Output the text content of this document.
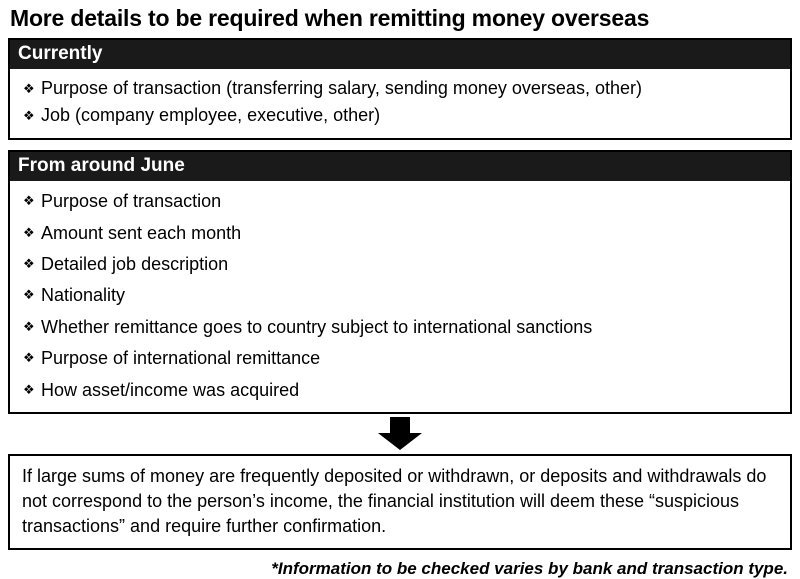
More details to be required when remitting money overseas
Currently
❖ Purpose of transaction (transferring salary, sending money overseas, other)
❖ Job (company employee, executive, other)
From around June
❖ Purpose of transaction
❖ Amount sent each month
❖ Detailed job description
❖ Nationality
❖ Whether remittance goes to country subject to international sanctions
❖ Purpose of international remittance
❖ How asset/income was acquired

If large sums of money are frequently deposited or withdrawn, or deposits and withdrawals do not correspond to the person’s income, the financial institution will deem these “suspicious transactions” and require further confirmation.

*Information to be checked varies by bank and transaction type.
